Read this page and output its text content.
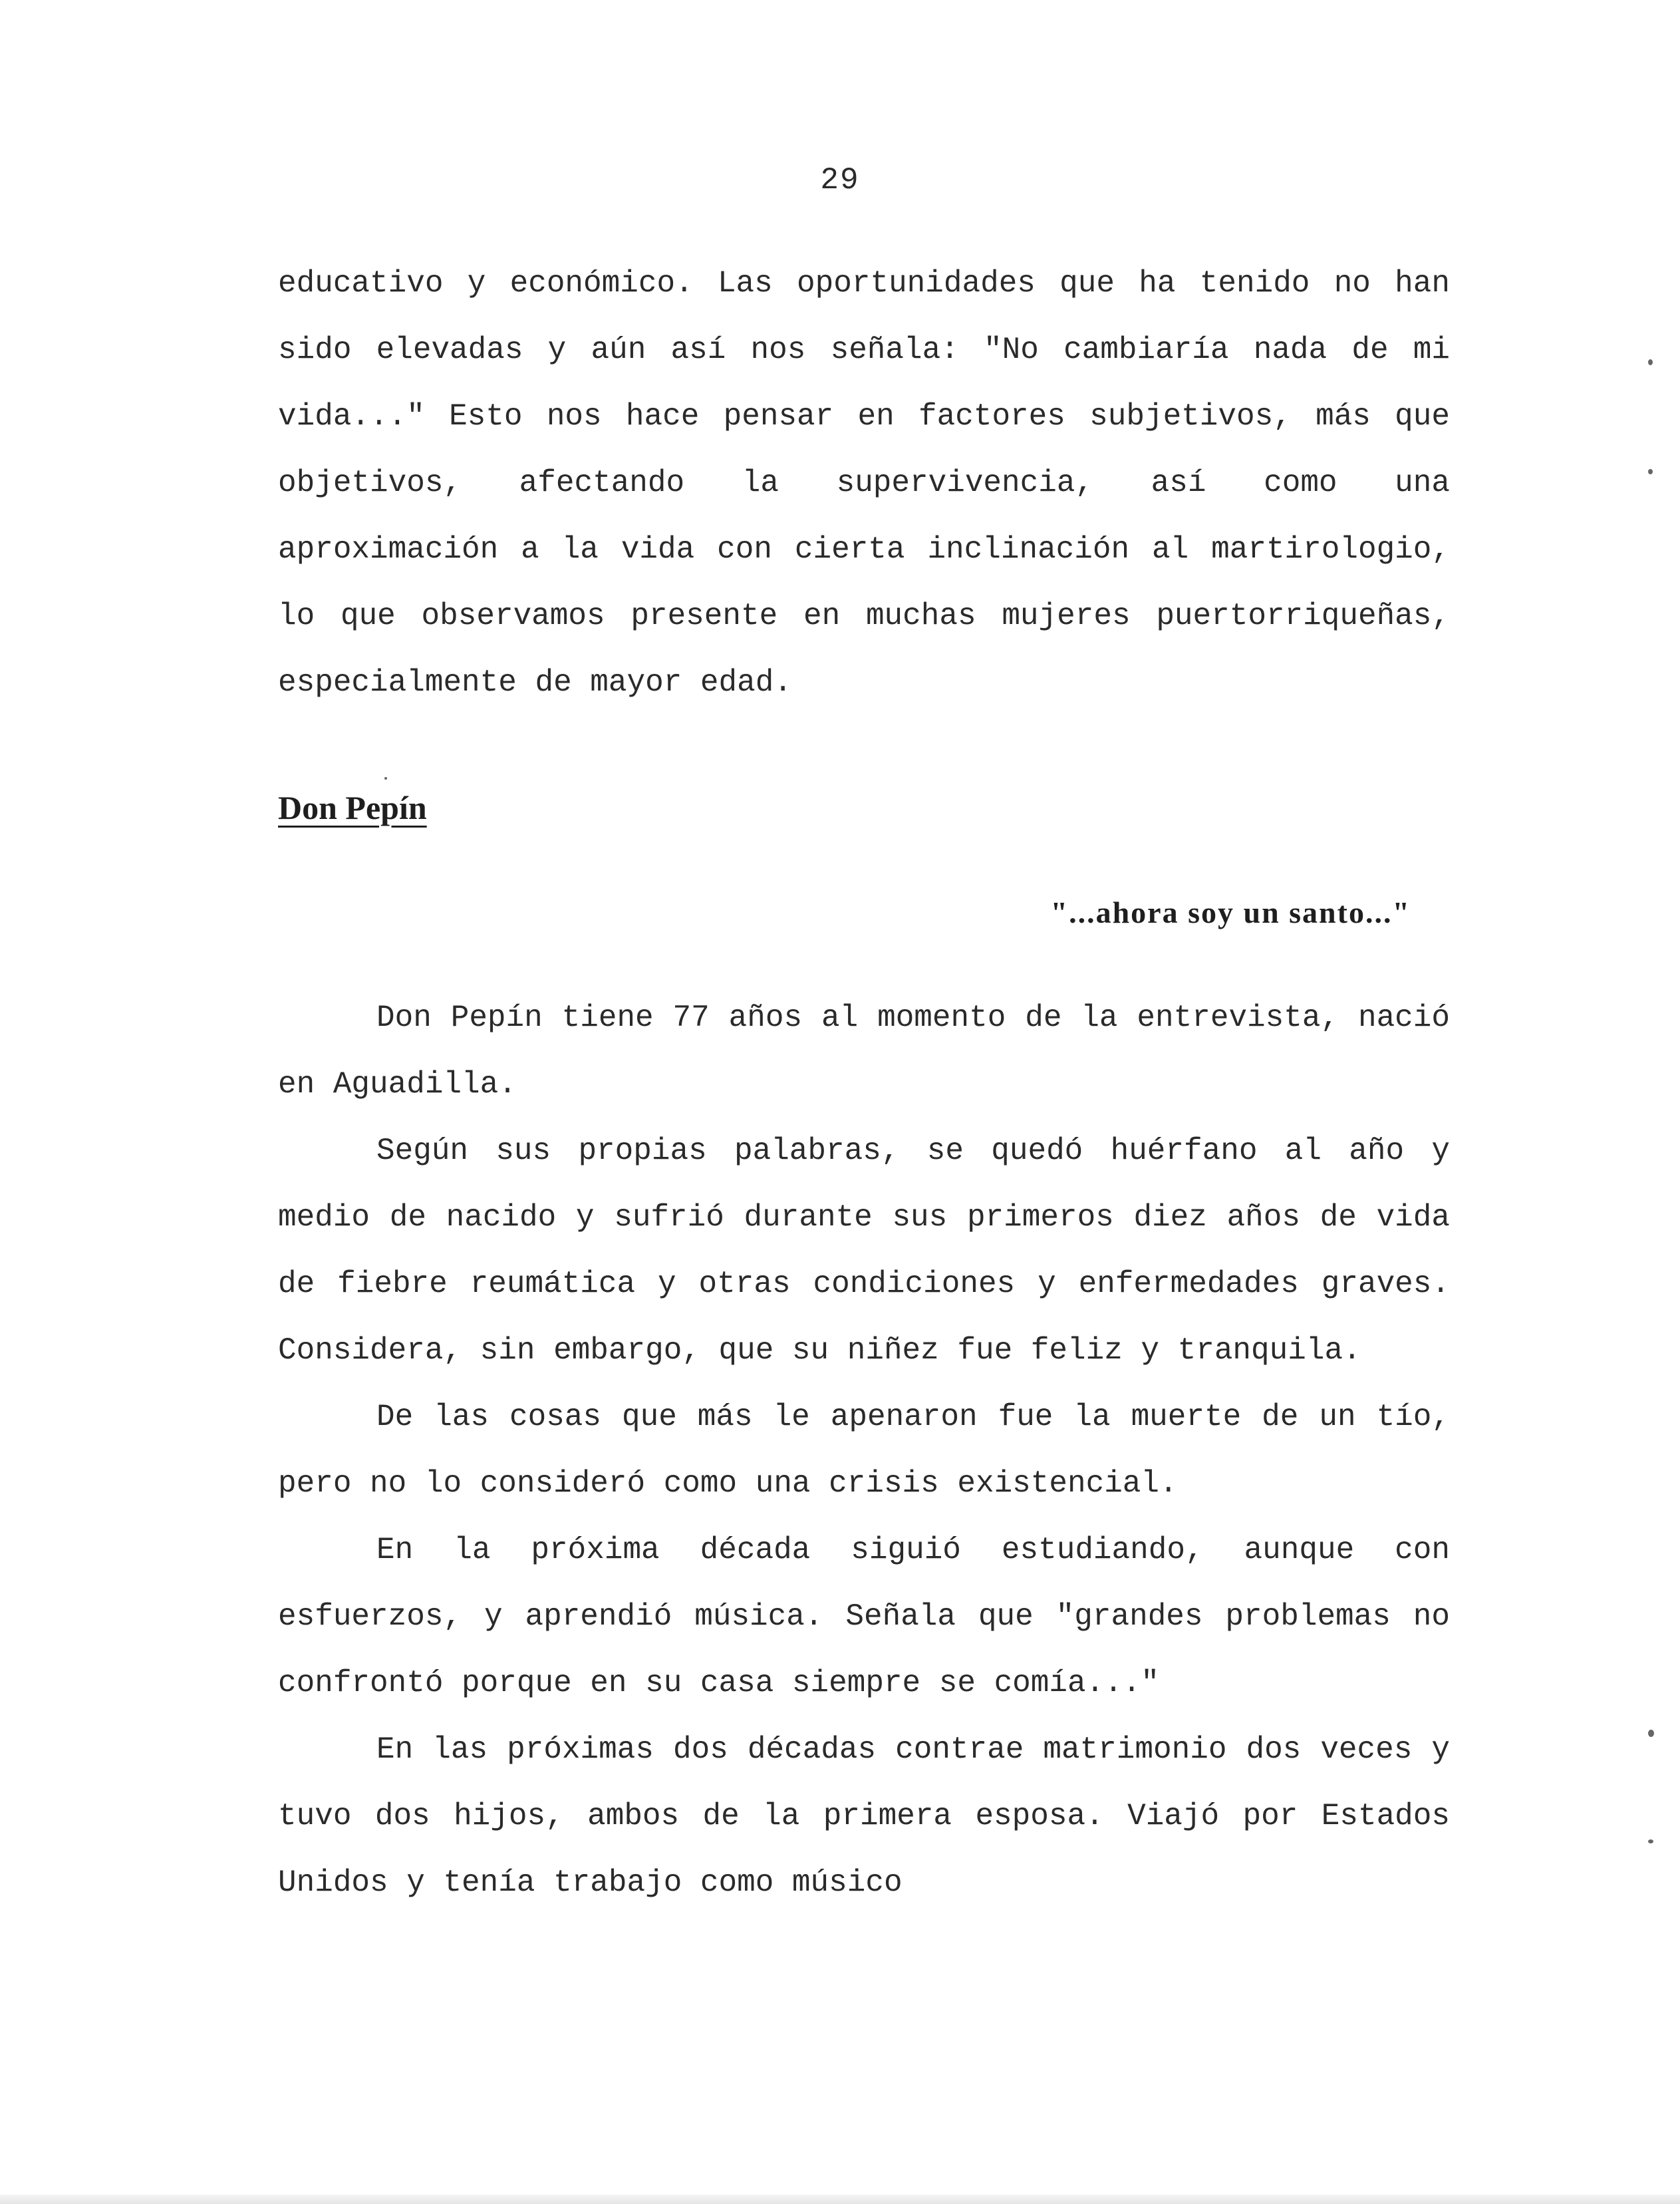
29

educativo y económico. Las oportunidades que ha tenido no han sido elevadas y aún así nos señala: "No cambiaría nada de mi vida..." Esto nos hace pensar en factores subjetivos, más que objetivos, afectando la supervivencia, así como una aproximación a la vida con cierta inclinación al martirologio, lo que observamos presente en muchas mujeres puertorriqueñas, especialmente de mayor edad.

Don Pepín
"...ahora soy un santo..."

Don Pepín tiene 77 años al momento de la entrevista, nació en Aguadilla.

Según sus propias palabras, se quedó huérfano al año y medio de nacido y sufrió durante sus primeros diez años de vida de fiebre reumática y otras condiciones y enfermedades graves. Considera, sin embargo, que su niñez fue feliz y tranquila.

De las cosas que más le apenaron fue la muerte de un tío, pero no lo consideró como una crisis existencial.

En la próxima década siguió estudiando, aunque con esfuerzos, y aprendió música. Señala que "grandes problemas no confrontó porque en su casa siempre se comía..."

En las próximas dos décadas contrae matrimonio dos veces y tuvo dos hijos, ambos de la primera esposa. Viajó por Estados Unidos y tenía trabajo como músico
